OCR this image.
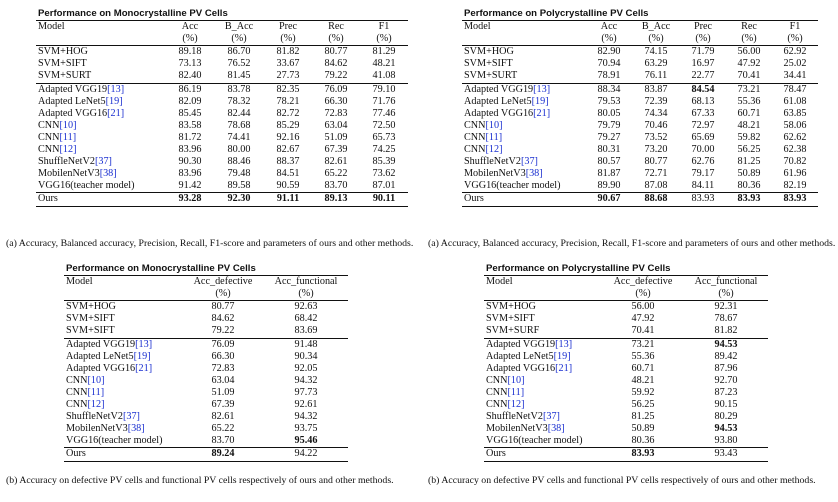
Performance on Monocrystalline PV Cells					
Model	Acc	B_Acc	Prec	Rec	F1
	(%)	(%)	(%)	(%)	(%)
SVM+HOG	89.18	86.70	81.82	80.77	81.29
SVM+SIFT	73.13	76.52	33.67	84.62	48.21
SVM+SURT	82.40	81.45	27.73	79.22	41.08
Adapted VGG19[13]	86.19	83.78	82.35	76.09	79.10
Adapted LeNet5[19]	82.09	78.32	78.21	66.30	71.76
Adapted VGG16[21]	85.45	82.44	82.72	72.83	77.46
CNN[10]	83.58	78.68	85.29	63.04	72.50
CNN[11]	81.72	74.41	92.16	51.09	65.73
CNN[12]	83.96	80.00	82.67	67.39	74.25
ShuffleNetV2[37]	90.30	88.46	88.37	82.61	85.39
MobilenNetV3[38]	83.96	79.48	84.51	65.22	73.62
VGG16(teacher model)	91.42	89.58	90.59	83.70	87.01
Ours	93.28	92.30	91.11	89.13	90.11
(a) Accuracy, Balanced accuracy, Precision, Recall, F1-score and parameters of ours and other methods.
Performance on Polycrystalline PV Cells					
Model	Acc	B_Acc	Prec	Rec	F1
	(%)	(%)	(%)	(%)	(%)
SVM+HOG	82.90	74.15	71.79	56.00	62.92
SVM+SIFT	70.94	63.29	16.97	47.92	25.02
SVM+SURT	78.91	76.11	22.77	70.41	34.41
Adapted VGG19[13]	88.34	83.87	84.54	73.21	78.47
Adapted LeNet5[19]	79.53	72.39	68.13	55.36	61.08
Adapted VGG16[21]	80.05	74.34	67.33	60.71	63.85
CNN[10]	79.79	70.46	72.97	48.21	58.06
CNN[11]	79.27	73.52	65.69	59.82	62.62
CNN[12]	80.31	73.20	70.00	56.25	62.38
ShuffleNetV2[37]	80.57	80.77	62.76	81.25	70.82
MobilenNetV3[38]	81.87	72.71	79.17	50.89	61.96
VGG16(teacher model)	89.90	87.08	84.11	80.36	82.19
Ours	90.67	88.68	83.93	83.93	83.93
(a) Accuracy, Balanced accuracy, Precision, Recall, F1-score and parameters of ours and other methods.
Performance on Monocrystalline PV Cells		
Model	Acc_defective	Acc_functional
	(%)	(%)
SVM+HOG	80.77	92.63
SVM+SIFT	84.62	68.42
SVM+SIFT	79.22	83.69
Adapted VGG19[13]	76.09	91.48
Adapted LeNet5[19]	66.30	90.34
Adapted VGG16[21]	72.83	92.05
CNN[10]	63.04	94.32
CNN[11]	51.09	97.73
CNN[12]	67.39	92.61
ShuffleNetV2[37]	82.61	94.32
MobilenNetV3[38]	65.22	93.75
VGG16(teacher model)	83.70	95.46
Ours	89.24	94.22
(b) Accuracy on defective PV cells and functional PV cells respectively of ours and other methods.
Performance on Polycrystalline PV Cells		
Model	Acc_defective	Acc_functional
	(%)	(%)
SVM+HOG	56.00	92.31
SVM+SIFT	47.92	78.67
SVM+SURF	70.41	81.82
Adapted VGG19[13]	73.21	94.53
Adapted LeNet5[19]	55.36	89.42
Adapted VGG16[21]	60.71	87.96
CNN[10]	48.21	92.70
CNN[11]	59.92	87.23
CNN[12]	56.25	90.15
ShuffleNetV2[37]	81.25	80.29
MobilenNetV3[38]	50.89	94.53
VGG16(teacher model)	80.36	93.80
Ours	83.93	93.43
(b) Accuracy on defective PV cells and functional PV cells respectively of ours and other methods.
